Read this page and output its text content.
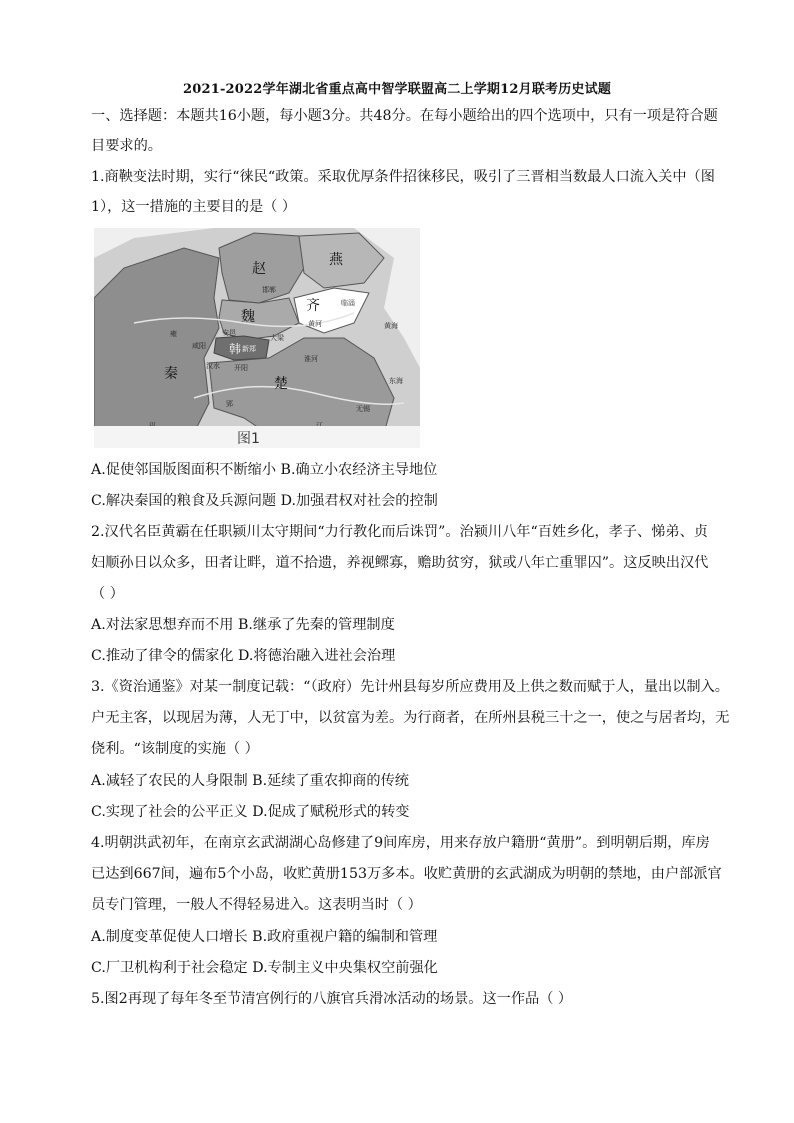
2021-2022学年湖北省重点高中智学联盟高二上学期12月联考历史试题
一、选择题：本题共16小题，每小题3分。共48分。在每小题给出的四个选项中，只有一项是符合题
目要求的。
1.商鞅变法时期，实行“徕民“政策。采取优厚条件招徕移民，吸引了三晋相当数最人口流入关中（图
1），这一措施的主要目的是（ ）
赵
燕
齐
魏
韩
秦
楚
邯郸
临淄
黄河
安邑
大梁
新郑
开阳
汉水
雍
咸阳
郢
淮河
东海
黄海
无锡
图1
A.促使邻国版图面积不断缩小 B.确立小农经济主导地位
C.解决秦国的粮食及兵源问题 D.加强君权对社会的控制
2.汉代名臣黄霸在任职颍川太守期间“力行教化而后诛罚”。治颍川八年“百姓乡化，孝子、悌弟、贞
妇顺孙日以众多，田者让畔，道不拾遗，养视鳏寡，赡助贫穷，狱或八年亡重罪囚”。这反映出汉代
（ ）
A.对法家思想弃而不用 B.继承了先秦的管理制度
C.推动了律令的儒家化 D.将德治融入进社会治理
3.《资治通鉴》对某一制度记载：“（政府）先计州县每岁所应费用及上供之数而赋于人，量出以制入。
户无主客，以现居为薄，人无丁中，以贫富为差。为行商者，在所州县税三十之一，使之与居者均，无
侥利。“该制度的实施（ ）
A.减轻了农民的人身限制 B.延续了重农抑商的传统
C.实现了社会的公平正义 D.促成了赋税形式的转变
4.明朝洪武初年，在南京玄武湖湖心岛修建了9间库房，用来存放户籍册“黄册”。到明朝后期，库房
已达到667间，遍布5个小岛，收贮黄册153万多本。收贮黄册的玄武湖成为明朝的禁地，由户部派官
员专门管理，一般人不得轻易进入。这表明当时（ ）
A.制度变革促使人口增长 B.政府重视户籍的编制和管理
C.厂卫机构利于社会稳定 D.专制主义中央集权空前强化
5.图2再现了每年冬至节清宫例行的八旗官兵滑冰活动的场景。这一作品（ ）
